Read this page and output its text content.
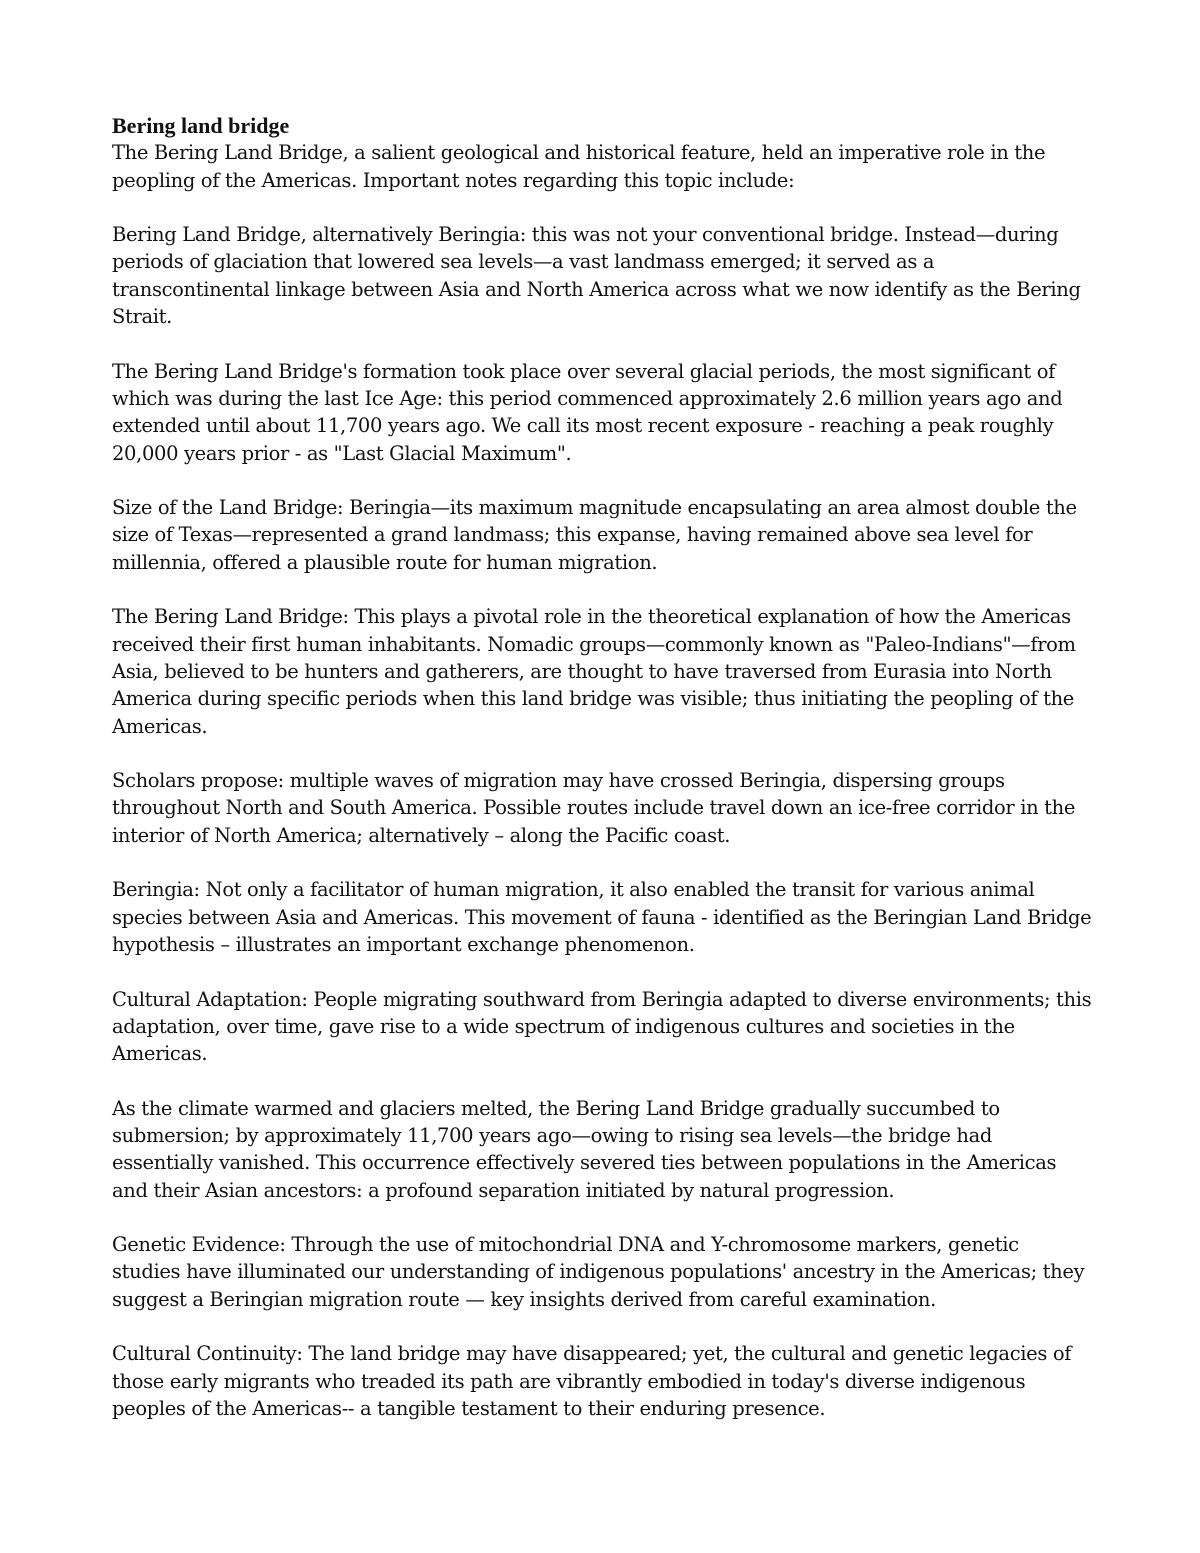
Bering land bridge

The Bering Land Bridge, a salient geological and historical feature, held an imperative role in the peopling of the Americas. Important notes regarding this topic include:

Bering Land Bridge, alternatively Beringia: this was not your conventional bridge. Instead—during periods of glaciation that lowered sea levels—a vast landmass emerged; it served as a transcontinental linkage between Asia and North America across what we now identify as the Bering Strait.

The Bering Land Bridge's formation took place over several glacial periods, the most significant of which was during the last Ice Age: this period commenced approximately 2.6 million years ago and extended until about 11,700 years ago. We call its most recent exposure - reaching a peak roughly 20,000 years prior - as "Last Glacial Maximum".

Size of the Land Bridge: Beringia—its maximum magnitude encapsulating an area almost double the size of Texas—represented a grand landmass; this expanse, having remained above sea level for millennia, offered a plausible route for human migration.

The Bering Land Bridge: This plays a pivotal role in the theoretical explanation of how the Americas received their first human inhabitants. Nomadic groups—commonly known as "Paleo-Indians"—from Asia, believed to be hunters and gatherers, are thought to have traversed from Eurasia into North America during specific periods when this land bridge was visible; thus initiating the peopling of the Americas.

Scholars propose: multiple waves of migration may have crossed Beringia, dispersing groups throughout North and South America. Possible routes include travel down an ice-free corridor in the interior of North America; alternatively – along the Pacific coast.

Beringia: Not only a facilitator of human migration, it also enabled the transit for various animal species between Asia and Americas. This movement of fauna - identified as the Beringian Land Bridge hypothesis – illustrates an important exchange phenomenon.

Cultural Adaptation: People migrating southward from Beringia adapted to diverse environments; this adaptation, over time, gave rise to a wide spectrum of indigenous cultures and societies in the Americas.

As the climate warmed and glaciers melted, the Bering Land Bridge gradually succumbed to submersion; by approximately 11,700 years ago—owing to rising sea levels—the bridge had essentially vanished. This occurrence effectively severed ties between populations in the Americas and their Asian ancestors: a profound separation initiated by natural progression.

Genetic Evidence: Through the use of mitochondrial DNA and Y-chromosome markers, genetic studies have illuminated our understanding of indigenous populations' ancestry in the Americas; they suggest a Beringian migration route — key insights derived from careful examination.

Cultural Continuity: The land bridge may have disappeared; yet, the cultural and genetic legacies of those early migrants who treaded its path are vibrantly embodied in today's diverse indigenous peoples of the Americas-- a tangible testament to their enduring presence.
